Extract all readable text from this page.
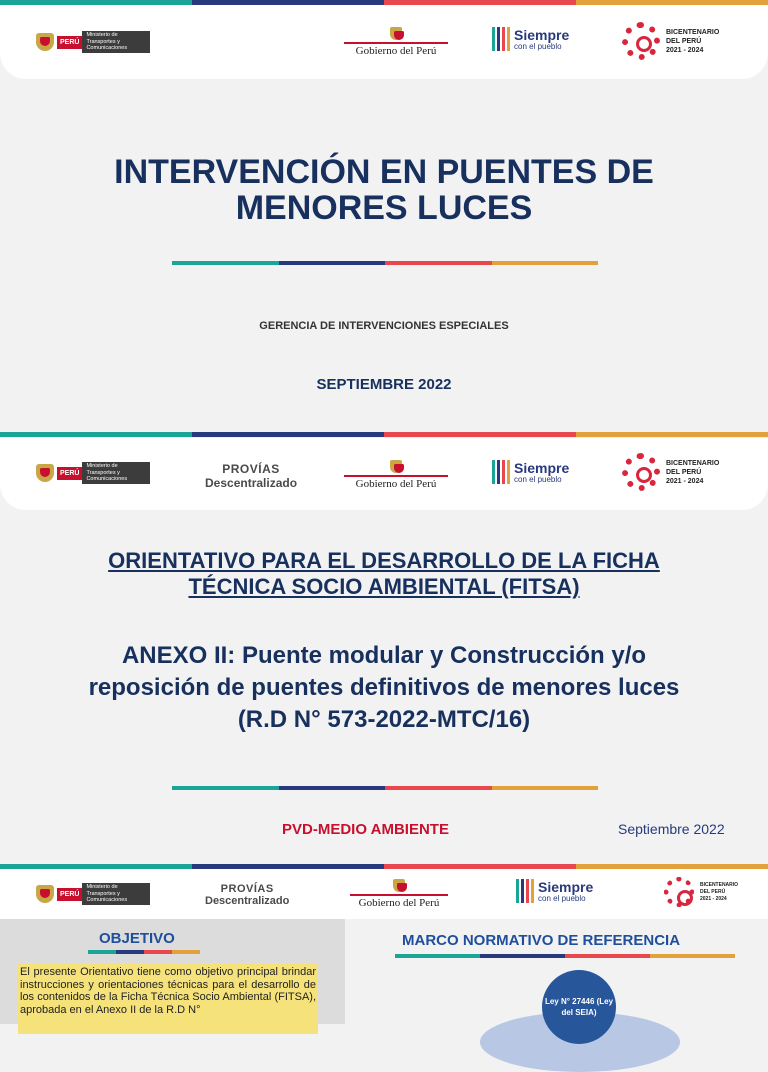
PERÚ
Ministerio de Transportes y Comunicaciones	Gobierno del Perú
Siempre
con el pueblo
BICENTENARIO
DEL PERÚ
2021 - 2024
INTERVENCIÓN EN PUENTES DE
MENORES LUCES
GERENCIA DE INTERVENCIONES ESPECIALES
SEPTIEMBRE 2022
PERÚ
Ministerio de Transportes y Comunicaciones
PROVÍAS
Descentralizado	Gobierno del Perú
Siempre
con el pueblo
BICENTENARIO
DEL PERÚ
2021 - 2024
ORIENTATIVO PARA EL DESARROLLO DE LA FICHA
TÉCNICA SOCIO AMBIENTAL (FITSA)
ANEXO II: Puente modular y Construcción y/o
reposición de puentes definitivos de menores luces
(R.D N° 573-2022-MTC/16)
PVD-MEDIO AMBIENTE	Septiembre 2022
PERÚ
Ministerio de Transportes y Comunicaciones
PROVÍAS
Descentralizado	Gobierno del Perú
Siempre
con el pueblo
BICENTENARIO
DEL PERÚ
2021 - 2024
OBJETIVO	MARCO NORMATIVO DE REFERENCIA
El presente Orientativo tiene como objetivo principal brindar instrucciones y orientaciones técnicas para el desarrollo de los contenidos de la Ficha Técnica Socio Ambiental (FITSA), aprobada en el Anexo II de la R.D N°
Ley N° 27446 (Ley del SEIA)
